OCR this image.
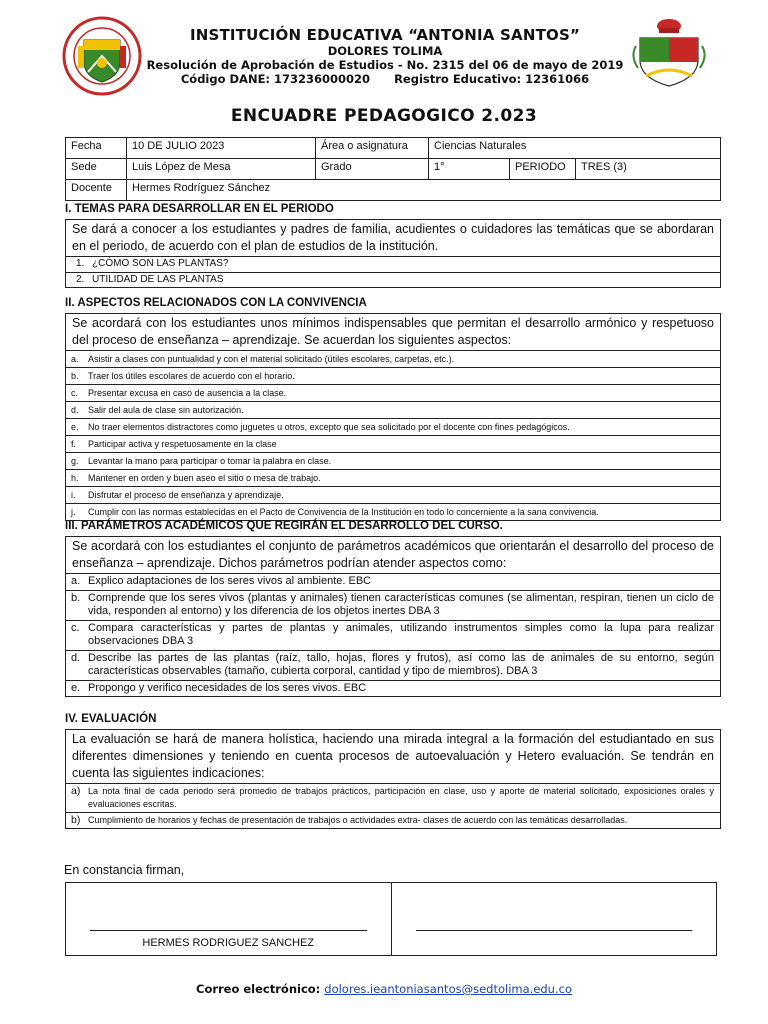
INSTITUCIÓN EDUCATIVA “ANTONIA SANTOS”
DOLORES TOLIMA
Resolución de Aprobación de Estudios - No. 2315 del 06 de mayo de 2019
Código DANE: 173236000020      Registro Educativo: 12361066
ENCUADRE PEDAGOGICO 2.023
Fecha	10 DE JULIO 2023	Área o asignatura	Ciencias Naturales		
Sede	Luis López de Mesa	Grado	1°	PERIODO	TRES (3)
Docente	Hermes Rodríguez Sánchez				
I. TEMAS PARA DESARROLLAR EN EL PERIODO
Se dará a conocer a los estudiantes y padres de familia, acudientes o cuidadores las temáticas que se abordaran en el periodo, de acuerdo con el plan de estudios de la institución.
1. ¿CÓMO SON LAS PLANTAS?
2. UTILIDAD DE LAS PLANTAS
II. ASPECTOS RELACIONADOS CON LA CONVIVENCIA
Se acordará con los estudiantes unos mínimos indispensables que permitan el desarrollo armónico y respetuoso del proceso de enseñanza – aprendizaje. Se acuerdan los siguientes aspectos:
a.	Asistir a clases con puntualidad y con el material solicitado (útiles escolares, carpetas, etc.).
b.	Traer los útiles escolares de acuerdo con el horario.
c.	Presentar excusa en caso de ausencia a la clase.
d.	Salir del aula de clase sin autorización.
e.	No traer elementos distractores como juguetes u otros, excepto que sea solicitado por el docente con fines pedagógicos.
f.	Participar activa y respetuosamente en la clase
g.	Levantar la mano para participar o tomar la palabra en clase.
h.	Mantener en orden y buen aseo el sitio o mesa de trabajo.
i.	Disfrutar el proceso de enseñanza y aprendizaje.
j.	Cumplir con las normas establecidas en el Pacto de Convivencia de la Institución en todo lo concerniente a la sana convivencia.
III. PARÁMETROS ACADÉMICOS QUE REGIRÁN EL DESARROLLO DEL CURSO.
Se acordará con los estudiantes el conjunto de parámetros académicos que orientarán el desarrollo del proceso de enseñanza – aprendizaje. Dichos parámetros podrían atender aspectos como:
a. Explico adaptaciones de los seres vivos al ambiente. EBC
b. Comprende que los seres vivos (plantas y animales) tienen características comunes (se alimentan, respiran, tienen un ciclo de vida, responden al entorno) y los diferencia de los objetos inertes DBA 3
c. Compara características y partes de plantas y animales, utilizando instrumentos simples como la lupa para realizar observaciones DBA 3
d. Describe las partes de las plantas (raíz, tallo, hojas, flores y frutos), así como las de animales de su entorno, según características observables (tamaño, cubierta corporal, cantidad y tipo de miembros). DBA 3
e. Propongo y verifico necesidades de los seres vivos. EBC
IV. EVALUACIÓN
La evaluación se hará de manera holística, haciendo una mirada integral a la formación del estudiantado en sus diferentes dimensiones y teniendo en cuenta procesos de autoevaluación y Hetero evaluación. Se tendrán en cuenta las siguientes indicaciones:
a) La nota final de cada periodo será promedio de trabajos prácticos, participación en clase, uso y aporte de material solicitado, exposiciones orales y evaluaciones escritas.
b) Cumplimiento de horarios y fechas de presentación de trabajos o actividades extra- clases de acuerdo con las temáticas desarrolladas.
En constancia firman,
HERMES RODRIGUEZ SANCHEZ
Correo electrónico: dolores.ieantoniasantos@sedtolima.edu.co
